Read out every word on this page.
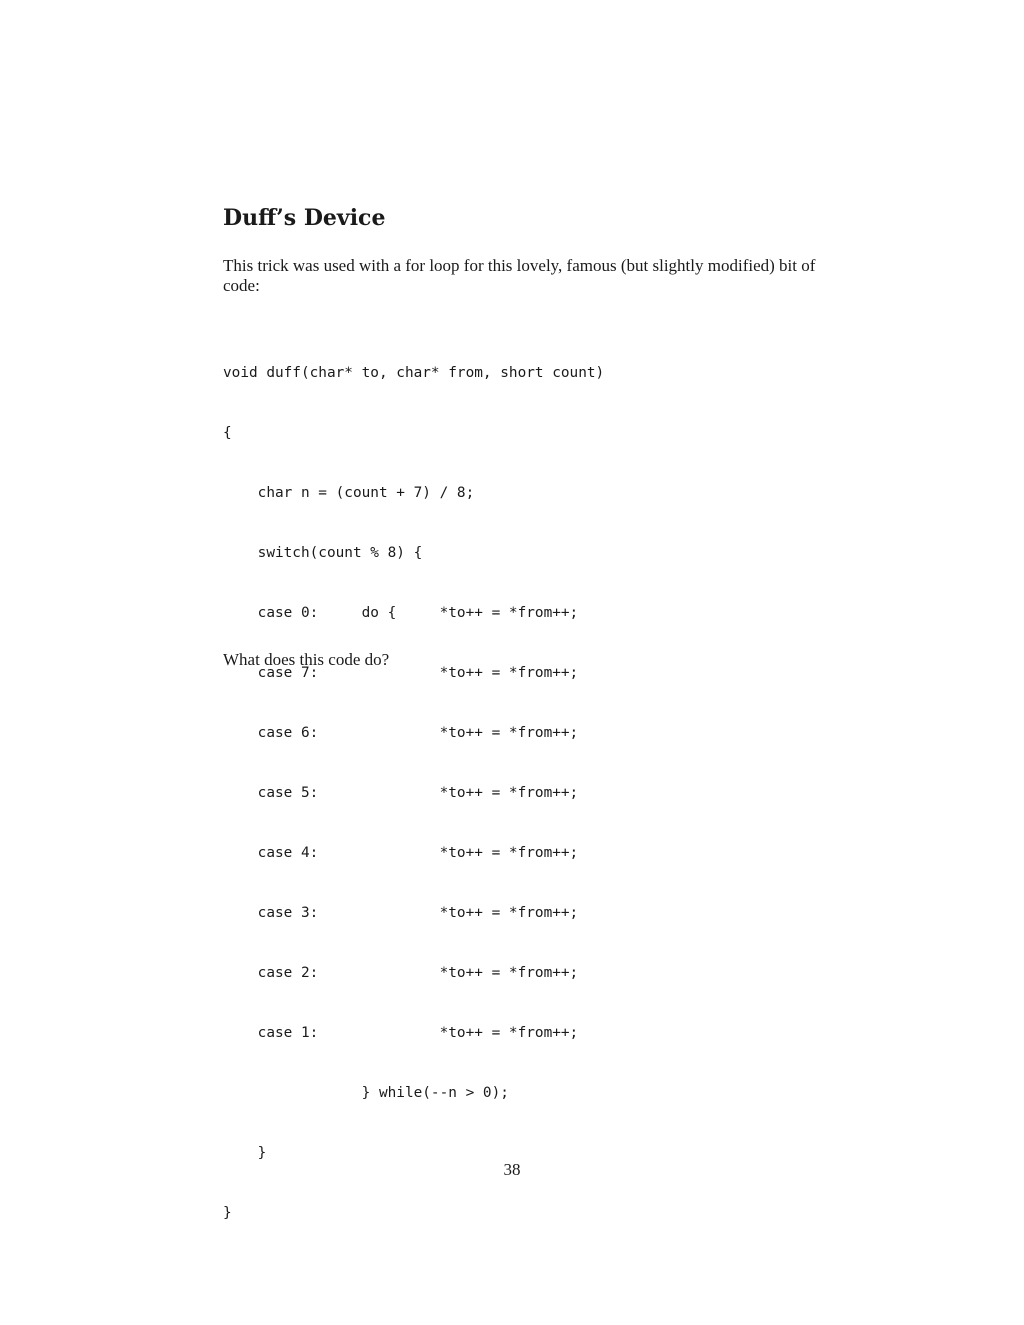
Duff’s Device

This trick was used with a for loop for this lovely, famous (but slightly modified) bit of code:

void duff(char* to, char* from, short count)

{

char n = (count + 7) / 8;

switch(count % 8) {

case 0:     do {     *to++ = *from++;

case 7:              *to++ = *from++;

case 6:              *to++ = *from++;

case 5:              *to++ = *from++;

case 4:              *to++ = *from++;

case 3:              *to++ = *from++;

case 2:              *to++ = *from++;

case 1:              *to++ = *from++;

} while(--n > 0);

}

}

What does this code do?

38
